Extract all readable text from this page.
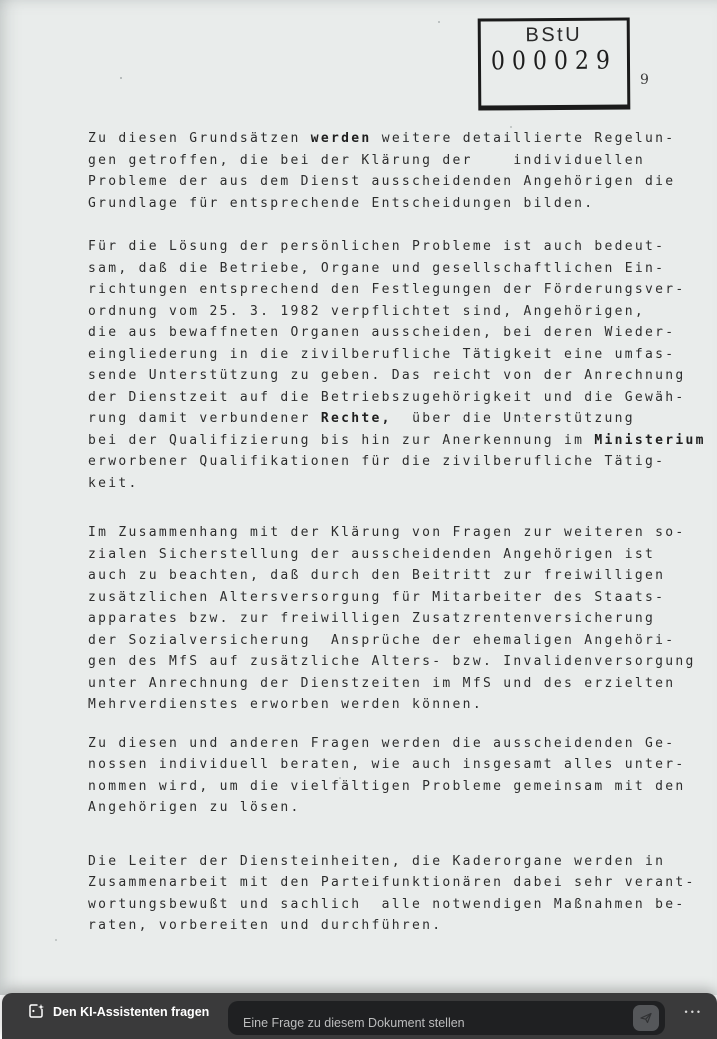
BStU
000029
9
Zu diesen Grundsätzen werden weitere detaillierte Regelun-
gen getroffen, die bei der Klärung der    individuellen
Probleme der aus dem Dienst ausscheidenden Angehörigen die
Grundlage für entsprechende Entscheidungen bilden.
Für die Lösung der persönlichen Probleme ist auch bedeut-
sam, daß die Betriebe, Organe und gesellschaftlichen Ein-
richtungen entsprechend den Festlegungen der Förderungsver-
ordnung vom 25. 3. 1982 verpflichtet sind, Angehörigen,
die aus bewaffneten Organen ausscheiden, bei deren Wieder-
eingliederung in die zivilberufliche Tätigkeit eine umfas-
sende Unterstützung zu geben. Das reicht von der Anrechnung
der Dienstzeit auf die Betriebszugehörigkeit und die Gewäh-
rung damit verbundener Rechte,  über die Unterstützung
bei der Qualifizierung bis hin zur Anerkennung im Ministerium
erworbener Qualifikationen für die zivilberufliche Tätig-
keit.
Im Zusammenhang mit der Klärung von Fragen zur weiteren so-
zialen Sicherstellung der ausscheidenden Angehörigen ist
auch zu beachten, daß durch den Beitritt zur freiwilligen
zusätzlichen Altersversorgung für Mitarbeiter des Staats-
apparates bzw. zur freiwilligen Zusatzrentenversicherung
der Sozialversicherung  Ansprüche der ehemaligen Angehöri-
gen des MfS auf zusätzliche Alters- bzw. Invalidenversorgung
unter Anrechnung der Dienstzeiten im MfS und des erzielten
Mehrverdienstes erworben werden können.
Zu diesen und anderen Fragen werden die ausscheidenden Ge-
nossen individuell beraten, wie auch insgesamt alles unter-
nommen wird, um die vielfältigen Probleme gemeinsam mit den
Angehörigen zu lösen.
Die Leiter der Diensteinheiten, die Kaderorgane werden in
Zusammenarbeit mit den Parteifunktionären dabei sehr verant-
wortungsbewußt und sachlich  alle notwendigen Maßnahmen be-
raten, vorbereiten und durchführen.
Den KI-Assistenten fragen
Eine Frage zu diesem Dokument stellen	•••
